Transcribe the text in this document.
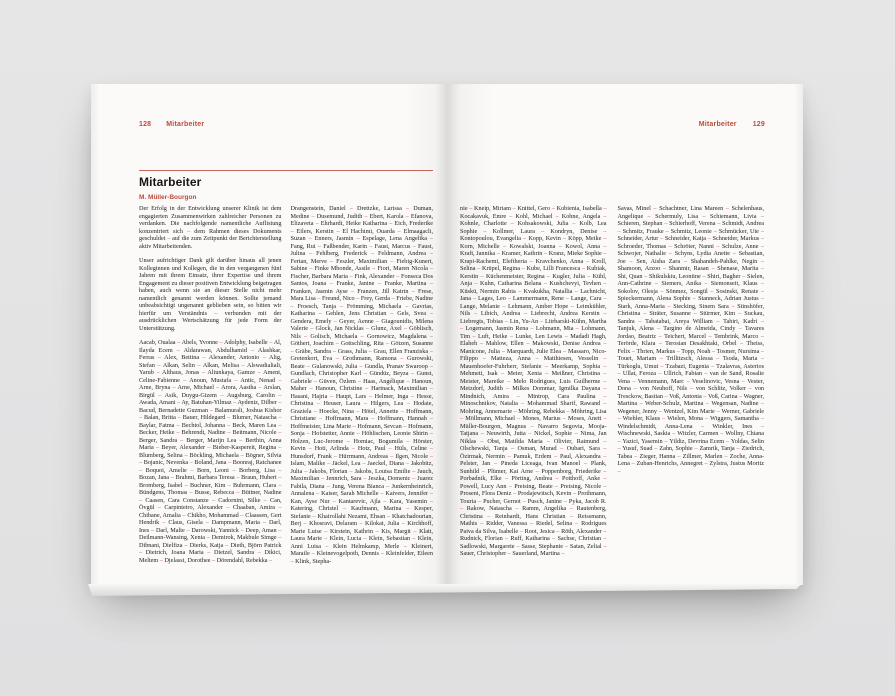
128 Mitarbeiter
Mitarbeiter
M. Müller-Bourgon

Der Erfolg in der Entwicklung unserer Klinik ist dem engagierten Zusammenwirken zahlreicher Personen zu verdanken. Die nachfolgende namentliche Auflistung konzentriert sich – dem Rahmen dieses Dokuments geschuldet – auf die zum Zeitpunkt der Berichterstellung aktiv Mitarbeitenden.

Unser aufrichtiger Dank gilt darüber hinaus all jenen Kolleginnen und Kollegen, die in den vergangenen fünf Jahren mit ihrem Einsatz, ihrer Expertise und ihrem Engagement zu dieser positiven Entwicklung beigetragen haben, auch wenn sie an dieser Stelle nicht mehr namentlich genannt werden können. Sollte jemand unbeabsichtigt ungenannt geblieben sein, so bitten wir hierfür um Verständnis – verbunden mit der ausdrücklichen Wertschätzung für jede Form der Unterstützung.

Aacab, Oualaa – Abels, Yvonne – Adolphy, Isabelle – Al, Ilayda Ecem – Aldarawan, Abdulhamid – Alashkar, Ferras – Alex, Bettina – Alexander, Antonio – Alig, Stefan – Alkan, Selin – Alkan, Melisa – Alswadialiali, Yarub – Althaus, Jonas – Altunkaya, Gamze – Ament, Celine-Fabienne – Anoun, Mustafa – Antic, Nenad – Arne, Bryna – Arne, Michael – Arora, Aastha – Arslan, Birgül – Asik, Duygu-Gizem – Augsburg, Carolin – Awada, Amani – Ay, Batuhan-Yilmaz – Aydeniz, Dilber – Bacud, Bernadette Guzman – Balamurali, Joshua Kishor – Balan, Britta – Bauer, Hildegard – Blumer, Natascha – Baylar, Fatma – Bechtol, Johanna – Beck, Maren Lea – Becker, Heike – Behrendt, Nadine – Beitmann, Nicole – Berger, Sandra – Berger, Marijn Lea – Berthin, Anna Maria – Beyer, Alexander – Bieber-Kaspereit, Regina – Blumberg, Selina – Böckling, Michaela – Bögner, Silvia – Bojanic, Nevenka – Boland, Jana – Boonraj, Ratchanee – Boquoi, Amelie – Born, Leoni – Borberg, Lisa – Bozan, Jana – Brahmi, Barbara Teresa – Braun, Hubert – Bromberg, Isabel – Buchner, Kim – Buhrmann, Clara – Bündgens, Thomas – Busse, Rebecca – Büttner, Nadine – Caasen, Cara Constanze – Cadornini, Silke – Can, Övgül – Carpinteiro, Alexander – Chaaban, Amira – Chibane, Amalia – Chikho, Mohammad – Claassen, Gert Hendrik – Claus, Gisela – Dampmann, Maria – Darl, Ines – Darl, Malte – Darowski, Yannick – Deep, Aman – Deilmann-Wansing, Xenia – Demirok, Makbule Simge – Dibnani, Dielfiza – Dierks, Katja – Dieth, Björn Patrick – Dietrich, Joana Maria – Dietzel, Sandra – Dikici, Meltem – Djelassi, Dorothee – Dörendahl, Rebekka –
Drangenstein, Daniel – Drettzke, Larissa – Duman, Medine – Dusemund, Judith – Ebert, Karola – Efanova, Elizaveta – Ehrhardt, Heike Katharina – Eich, Frederike – Eilers, Kerstin – El Hachimi, Ouarda – Elmaagacli, Suzan – Enners, Jasmin – Espelage, Lena Angelika – Fang, Rui – Faßbender, Karin – Faust, Marcus – Faust, Julina – Fehlberg, Frederick – Feldmann, Andrea – Fertan, Merve – Feszler, Maximilian – Fiebig-Kunert, Sabine – Finke Mbonde, Assile – Fiori, Maren Nicola – Fischer, Barbara Maria – Fink, Alexander – Fonseca Dos Santos, Joana – Franke, Janine – Franke, Martina – Franken, Jasmin Ayse – Franzen, Jill Katrin – Frese, Mara Lisa – Freund, Nico – Frey, Gerda – Friebe, Nadine – Froesch, Tanja – Frömming, Michaela – Gavrias, Katharina – Gehlen, Jens Christian – Gels, Svea – Gendera, Emely – Geyer, Aenne – Giagounidis, Milena Valerie – Glock, Jan Nicklas – Glunz, Axel – Göblisch, Nils – Golisch, Michaela – Gornowicz, Magdalena – Göthert, Joachim – Gottschling, Rita – Götzen, Susanne – Gräbe, Sandra – Grass, Julia – Grau, Ellen Franziska – Gretenkort, Eva – Grothmann, Ramona – Gurowski, Beate – Gulanowski, Julia – Gundla, Pranav Swaroop – Gundlach, Christopher Karl – Gündüz, Beyza – Gunst, Gabriele – Güven, Özlem – Haas, Angélique – Hanoun, Maher – Hanoun, Christine – Hartnack, Maximilian – Hasani, Hajria – Haupt, Lars – Helmer, Inga – Hesse, Christina – Heuser, Laura – Hilgers, Lea – Hodaie, Graziela – Hoecke, Nina – Hötel, Annette – Hoffmann, Christiane – Hoffmann, Mara – Hoffmann, Hannah – Hoffmeister, Lina Marie – Hofmann, Sevcan – Hofmann, Sonja – Hofstetter, Annie – Höhlischen, Leonie Shirin – Holzen, Luc-Jerome – Homiac, Bogumila – Hörster, Kevin – Hoti, Arlinda – Hotz, Paul – Hüls, Celine – Hunsdorf, Frank – Hürrmann, Andreas – Ilgen, Nicole – Islam, Malike – Jäckel, Lea – Jaeckel, Diana – Jakobitz, Julia – Jakobs, Florian – Jakobs, Louisa Emilie – Jauch, Maximilian – Jennrich, Sara – Jeszka, Domenic – Juarez Fabila, Diana – Jung, Verena Bianca – Junkernheinrich, Annalena – Kaiser, Sarah Michelle – Kaivers, Jennifer – Kan, Ayse Nur – Kantarevic, Ajla – Kara, Yasemin – Katering, Christel – Kaufmann, Marina – Kesper, Stefanie – Khairollahi Nezami, Ehsan – Khatchadourian, Berj – Khosravi, Delaram – Kilokat, Julia – Kirchhoff, Marie Luise – Kirstein, Kathrin – Kis, Margit – Klatt, Laura Marie – Klein, Lucia – Klein, Sebastian – Klein, Anni Luisa – Klein Helmkamp, Merle – Kleinert, Maraile – Kleinevogelpoth, Dennis – Kleinfelder, Eileen – Klink, Stepha-
Mitarbeiter 129
nie – Kneip, Miriam – Knittel, Gero – Kobienia, Isabella – Kocakavuk, Emre – Kohl, Michael – Kohne, Angela – Kohnle, Charlotte – Kohsakowski, Julia – Kolb, Lea Sophie – Kollmer, Laura – Kondryn, Denise – Kontopoulou, Evangelia – Kopp, Kevin – Köpp, Meike – Korn, Michelle – Kowalski, Joanna – Kowol, Anna – Kraft, Jannika – Kramer, Kathrin – Kranz, Mieke Sophie – Krapi-Rachemi, Eleftheria – Kravchenko, Anna – Kroll, Selina – Krüpel, Regina – Kube, Lilli Francesca – Kubiak, Kerstin – Küchenmeister, Regina – Kugler, Julia – Kühl, Anja – Kuhn, Catharina Belana – Kushchevyi, Tevhen – Küskü, Nermin Rabia – Kvakukha, Natallia – Lachnicht, Jana – Lages, Leo – Lammermann, Rene – Lange, Cara – Lange, Melanie – Lehmann, Amber Hope – Leimkühler, Nils – Libich, Andrea – Liebrecht, Andrea Kerstin – Liebregts, Tobias – Lin, Yu-An – Litrbarski-Kühn, Martha – Logemann, Jasmin Rena – Lohmann, Mia – Lohmann, Tim – Luft, Heike – Lunke, Len Lewis – Madadi Hagh, Elaheh – Mahlow, Ellen – Makowski, Denise Andrea – Manicone, Julia – Marquardt, Julie Elea – Massaro, Nico-Filippo – Matteza, Anna – Matthiesen, Vesselin – Mauenhoefer-Fuhrherr, Stefanie – Meerkamp, Sophia – Mehmeti, Isak – Meier, Xenia – Meißner, Christina – Meister, Mareike – Melo Rodrigues, Luis Guilherme – Metzdorf, Judith – Milkes Dommar, Igmilka Dayana – Mindnich, Amira – Mintrop, Cara Paulina – Minoschnikov, Natalia – Mohammad Sharif, Rawand – Mohring, Annemarie – Möhring, Rebekka – Möhring, Lisa – Möllmann, Michael – Mones, Marius – Moses, Anett – Müller-Bourgon, Magnus – Navarro Segovia, Mooja-Tatjana – Neuwirth, Jutta – Nickel, Sophie – Nima, Jan Niklas – Obst, Matilda Maria – Olivier, Raimund – Olschewski, Tanja – Osman, Murad – Oubari, Sara – Özirmak, Nermin – Pamuk, Erdem – Paul, Alexandra – Pelster, Jan – Pineda Liceaga, Ivan Manoel – Plank, Sunhild – Plümer, Kai Arne – Poppenborg, Friederike – Porbadnik, Elke – Pörting, Andrea – Potthoff, Anke – Powell, Lucy Ann – Preising, Beate – Preising, Nicole – Proseni, Flora Deniz – Prodajewitsch, Kevin – Prothmann, Touria – Pucher, Gernot – Pusch, Janine – Pyka, Jacob R. – Rakow, Natascha – Ramm, Angelika – Rautenberg, Christina – Reinhardt, Hans Christian – Reissmann, Mathis – Ridder, Vanessa – Riedel, Selina – Rodrigues Paiva da Silva, Isabelle – Root, Jesica – Röth, Alexander – Rudnick, Florian – Ruff, Katharina – Sachse, Christian – Sadlowski, Margarete – Sasse, Stephanie – Satan, Zelial – Sauer, Christopher – Sauerland, Martina –
Savas, Minel – Schachtner, Lina Mareen – Schelenhaus, Angelique – Schermuly, Lisa – Schiemann, Livia – Schieren, Stephan – Schierhoff, Verena – Schmidt, Andrea – Schmitz, Frauke – Schmitz, Leonie – Schmücker, Ute – Schneider, Artur – Schneider, Katja – Schneider, Markus – Schroeder, Thomas – Schröter, Nanni – Schulze, Anne – Schwojer, Nathalie – Schyns, Lydia Anette – Sebastian, Joe – Sen, Aisha Zara – Shahandeh-Pahlke, Negin – Shamoon, Arzoo – Shanmir, Rasan – Shenase, Marita – Shi, Quan – Shikulskiu, Leontine – Shiri, Bagher – Sielen, Ann-Cathrine – Siemers, Anika – Siemonseit, Klaus – Sokolov, Olesja – Sönmez, Songül – Sosinski, Renate – Spieckermann, Alena Sophie – Stanneck, Adrian Justus – Stark, Anna-Maria – Stecking, Sinem Sara – Stinshöfer, Christina – Sträter, Susanne – Stürmer, Kim – Suckau, Sandra – Tabatabai, Areya William – Tahiri, Kadri – Tanjuk, Alena – Targino de Almeida, Cindy – Tavares Jordao, Beatriz – Teichert, Marcel – Tembrink, Marco – Terörde, Klara – Terosian Desakhtaki, Orbel – Theiss, Felix – Thrien, Markus – Topp, Noah – Tosmer, Nursima – Touet, Mariam – Trillitzsch, Alessa – Tsoda, Maria – Türkoglu, Umut – Tzabazi, Eugenia – Tzalavras, Asterios – Ullat, Feroza – Ullrich, Fabian – van de Sand, Rosalie Vena – Vennemann, Marc – Veselinovic, Vesna – Vester, Dona – von Neuhoff, Nils – von Schlitz, Volker – von Tresckow, Bastian – Voß, Antonia – Voß, Carina – Wagner, Martina – Weber-Schulz, Martina – Wegensan, Nadine – Wegener, Jenny – Wentzel, Kim Marie – Werner, Gabriele – Wiehler, Klaus – Wielen, Mona – Wiggers, Samantha – Windelschmidt, Anna-Lena – Winkler, Ines – Wischnewski, Saskia – Witzler, Carmen – Wollny, Chiana – Yazici, Yasemin – Yildiz, Devrina Ecem – Yoldas, Selin – Yusuf, Suad – Zahn, Sophie – Zamrik, Tanja – Ziedrich, Tabea – Zieger, Hanna – Zillmer, Marlen – Zoche, Anna-Lena – Zuban-Henrichs, Annegret – Zylstra, Justus Moritz –
